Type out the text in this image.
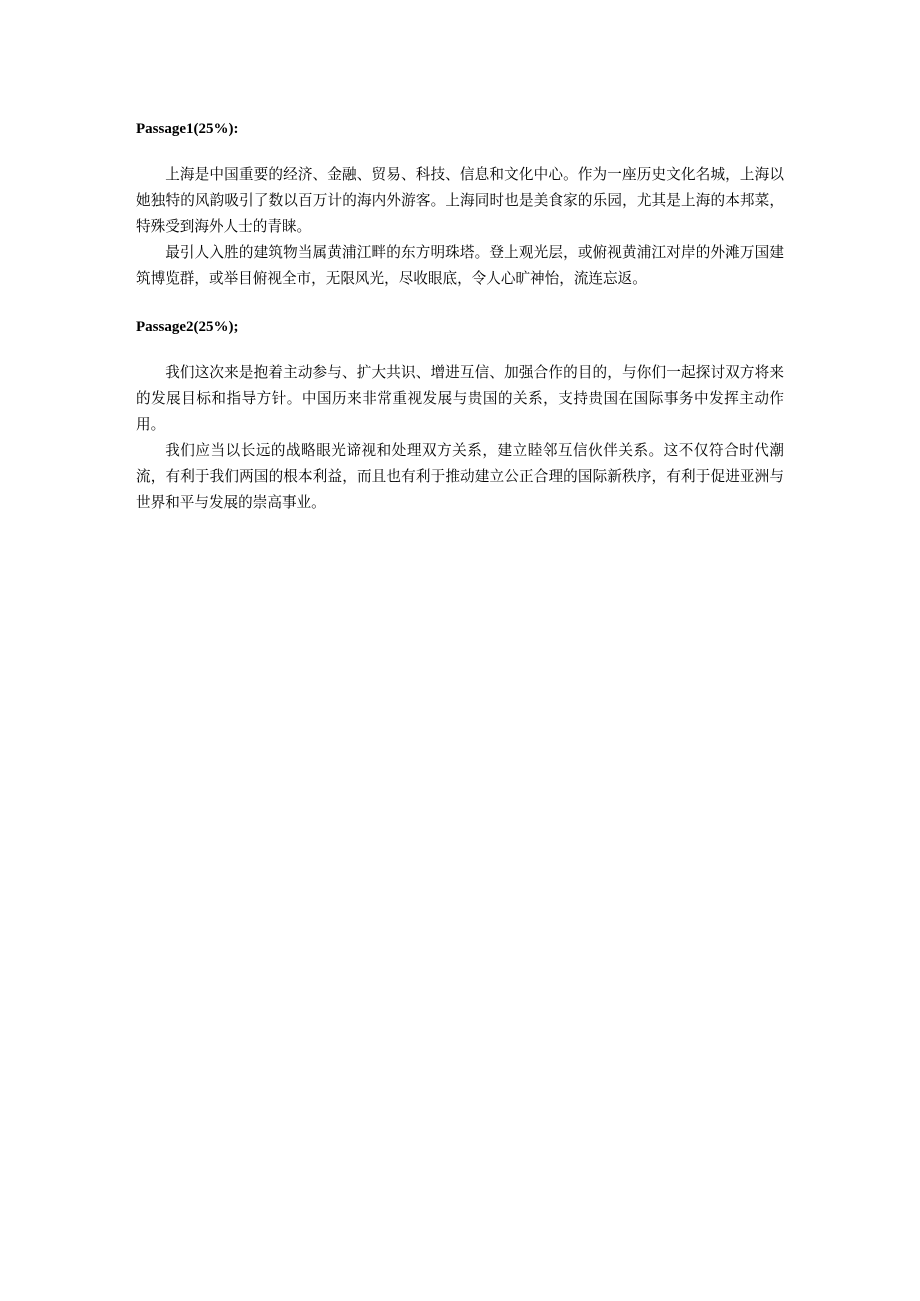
Passage1(25%):

上海是中国重要的经济、金融、贸易、科技、信息和文化中心。作为一座历史文化名城，上海以她独特的风韵吸引了数以百万计的海内外游客。上海同时也是美食家的乐园，尤其是上海的本邦菜，特殊受到海外人士的青睐。

最引人入胜的建筑物当属黄浦江畔的东方明珠塔。登上观光层，或俯视黄浦江对岸的外滩万国建筑博览群，或举目俯视全市，无限风光，尽收眼底，令人心旷神怡，流连忘返。

Passage2(25%);

我们这次来是抱着主动参与、扩大共识、增进互信、加强合作的目的，与你们一起探讨双方将来的发展目标和指导方针。中国历来非常重视发展与贵国的关系，支持贵国在国际事务中发挥主动作用。

我们应当以长远的战略眼光谛视和处理双方关系，建立睦邻互信伙伴关系。这不仅符合时代潮流，有利于我们两国的根本利益，而且也有利于推动建立公正合理的国际新秩序，有利于促进亚洲与世界和平与发展的崇高事业。
